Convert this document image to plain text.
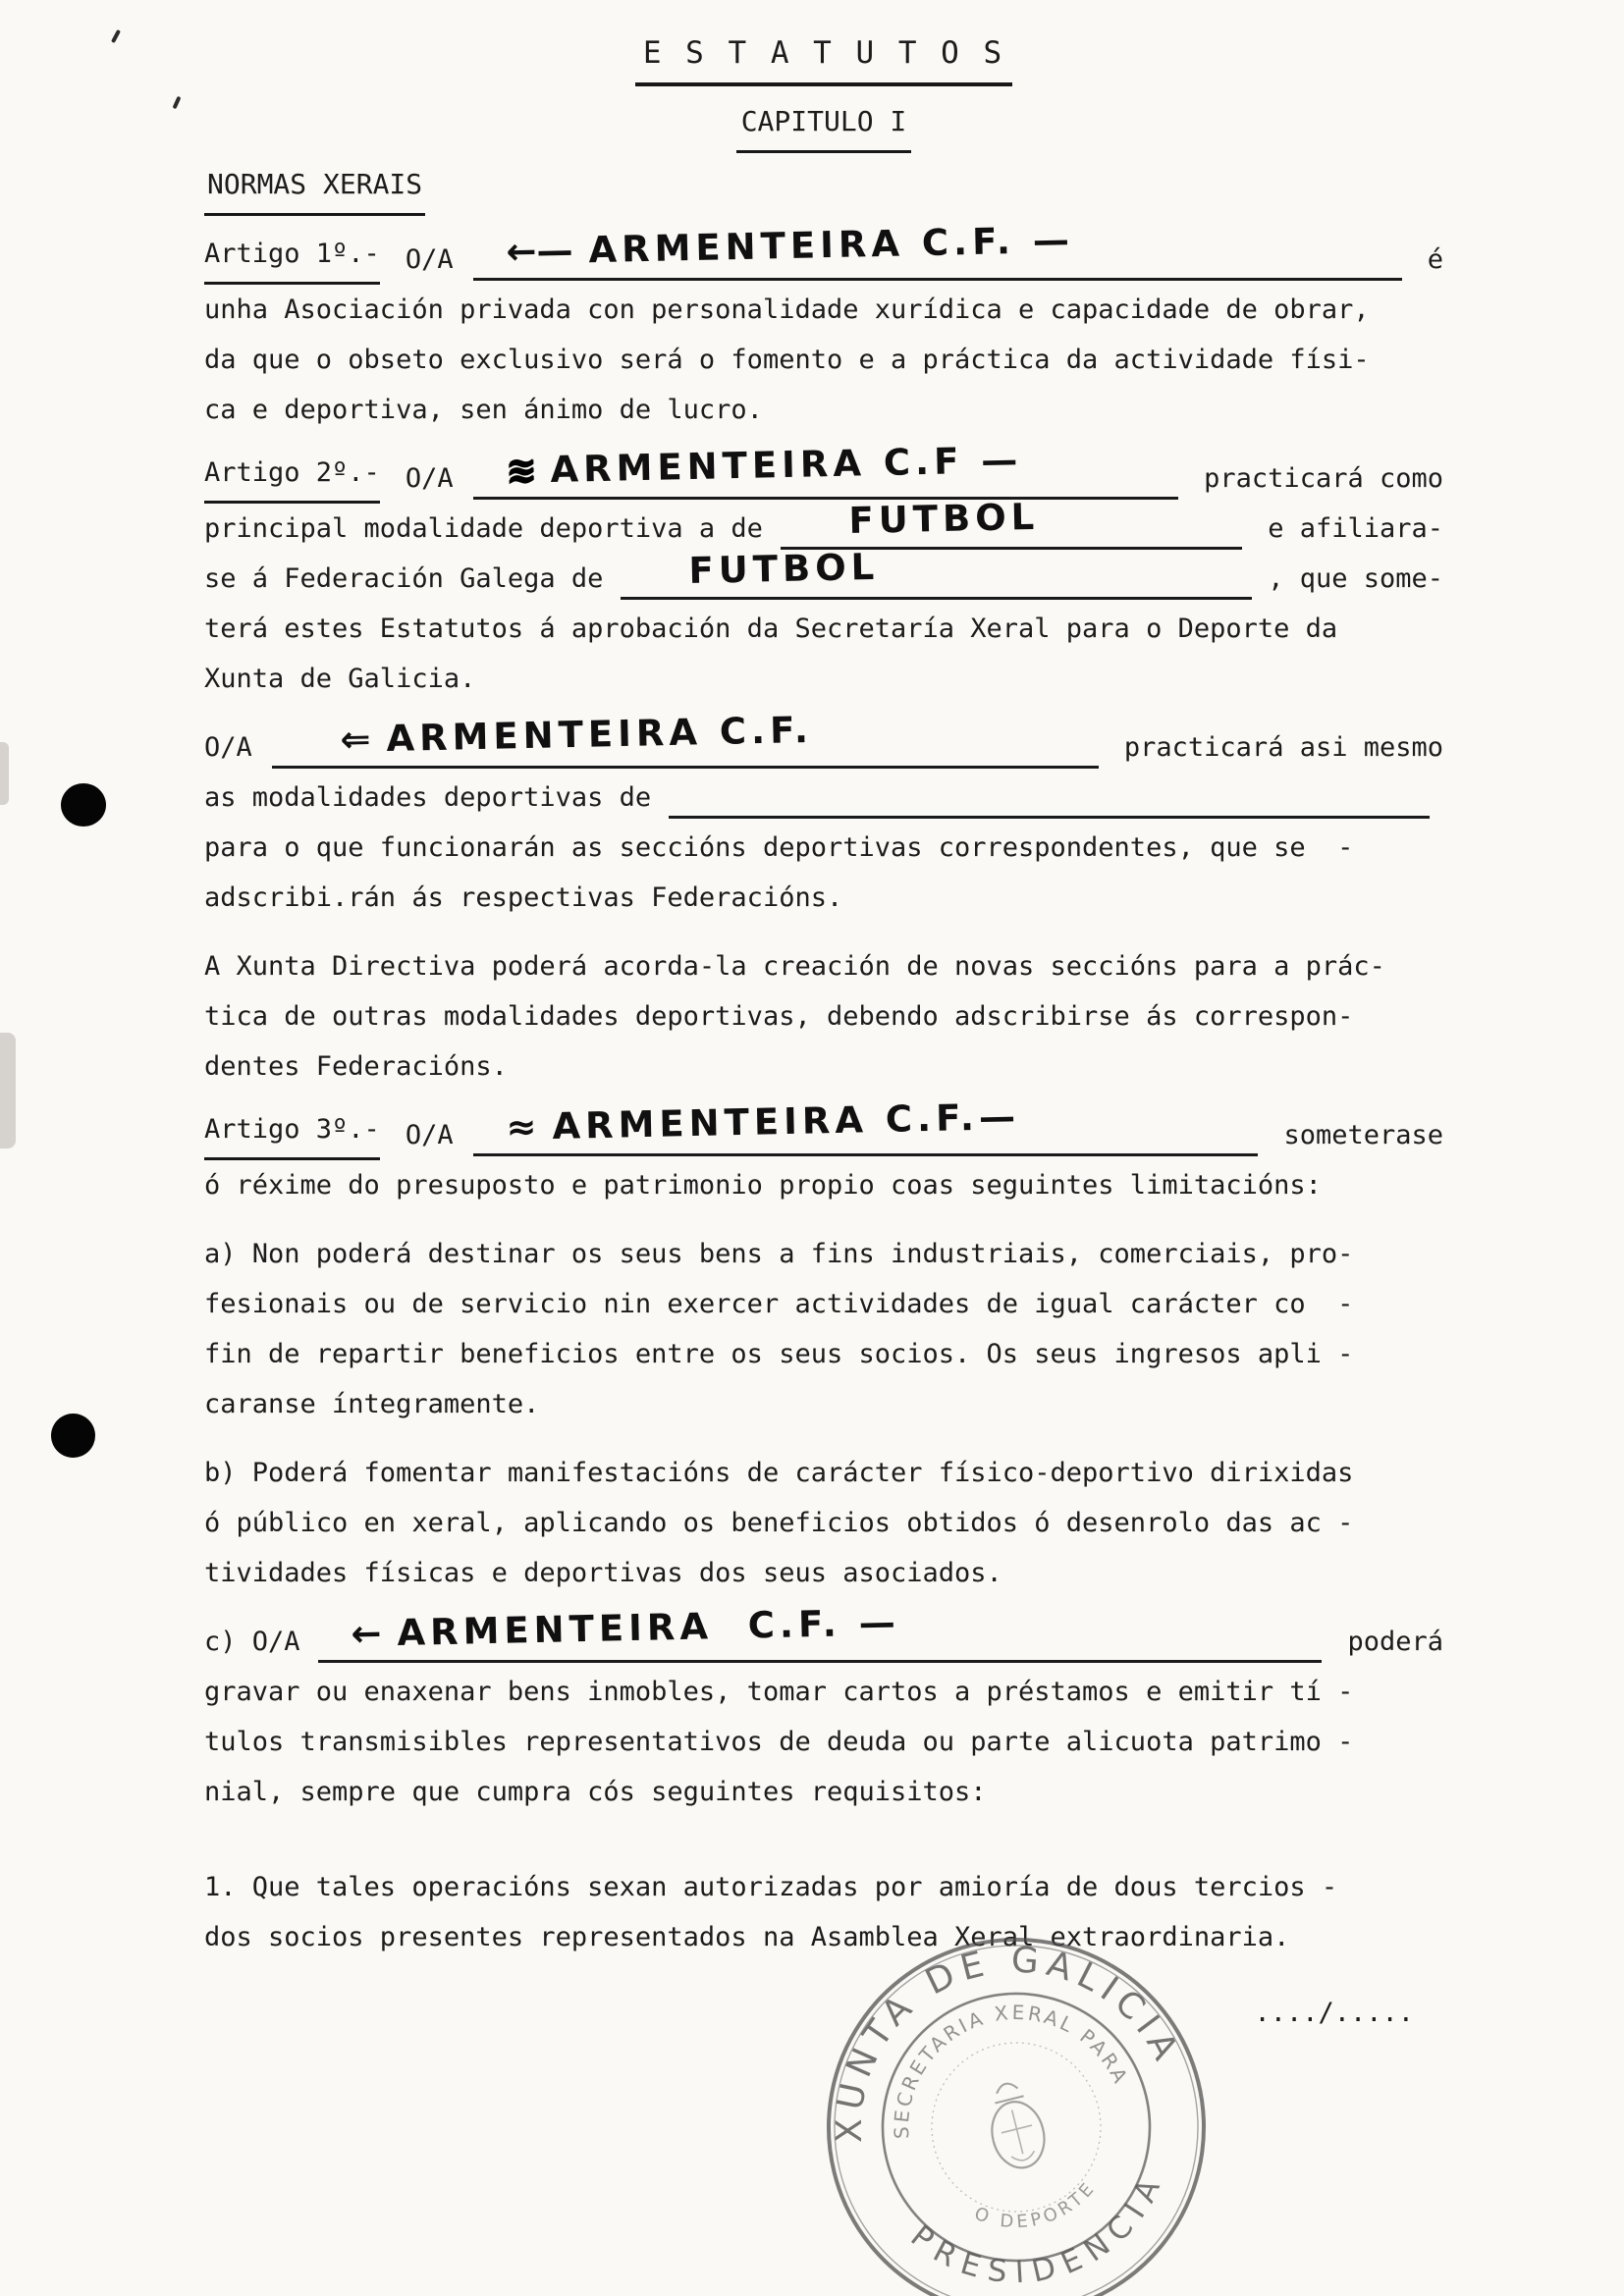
E S T A T U T O S
CAPITULO I
NORMAS XERAIS
Artigo 1º.- O/A

←— ARMENTEIRA C.F. —

	é
unha Asociación privada con personalidade xurídica e capacidade de obrar,
da que o obseto exclusivo será o fomento e a práctica da actividade físi-
ca e deportiva, sen ánimo de lucro.
Artigo 2º.- O/A

≋ ARMENTEIRA C.F —

	practicará como
principal modalidade deportiva a de

FUTBOL

	e afiliara-
se á Federación Galega de

FUTBOL

	, que some-
terá estes Estatutos á aprobación da Secretaría Xeral para o Deporte da
Xunta de Galicia.
O/A

⇐ ARMENTEIRA C.F.

	practicará asi mesmo
as modalidades deportivas de

para o que funcionarán as seccións deportivas correspondentes, que se  -
adscribi.rán ás respectivas Federacións.
A Xunta Directiva poderá acorda-la creación de novas seccións para a prác-
tica de outras modalidades deportivas, debendo adscribirse ás correspon-
dentes Federacións.
Artigo 3º.- O/A

≈ ARMENTEIRA C.F.—

	someterase
ó réxime do presuposto e patrimonio propio coas seguintes limitacións:
a) Non poderá destinar os seus bens a fins industriais, comerciais, pro-
fesionais ou de servicio nin exercer actividades de igual carácter co  -
fin de repartir beneficios entre os seus socios. Os seus ingresos apli -
caranse íntegramente.
b) Poderá fomentar manifestacións de carácter físico-deportivo dirixidas
ó público en xeral, aplicando os beneficios obtidos ó desenrolo das ac -
tividades físicas e deportivas dos seus asociados.
c) O/A

← ARMENTEIRA  C.F. —

	poderá
gravar ou enaxenar bens inmobles, tomar cartos a préstamos e emitir tí -
tulos transmisibles representativos de deuda ou parte alicuota patrimo -
nial, sempre que cumpra cós seguintes requisitos:
1. Que tales operacións sexan autorizadas por amioría de dous tercios -
dos socios presentes representados na Asamblea Xeral extraordinaria.
..../.....
XUNTA DE GALICIA
PRESIDENCIA
SECRETARIA XERAL PARA
O DEPORTE
